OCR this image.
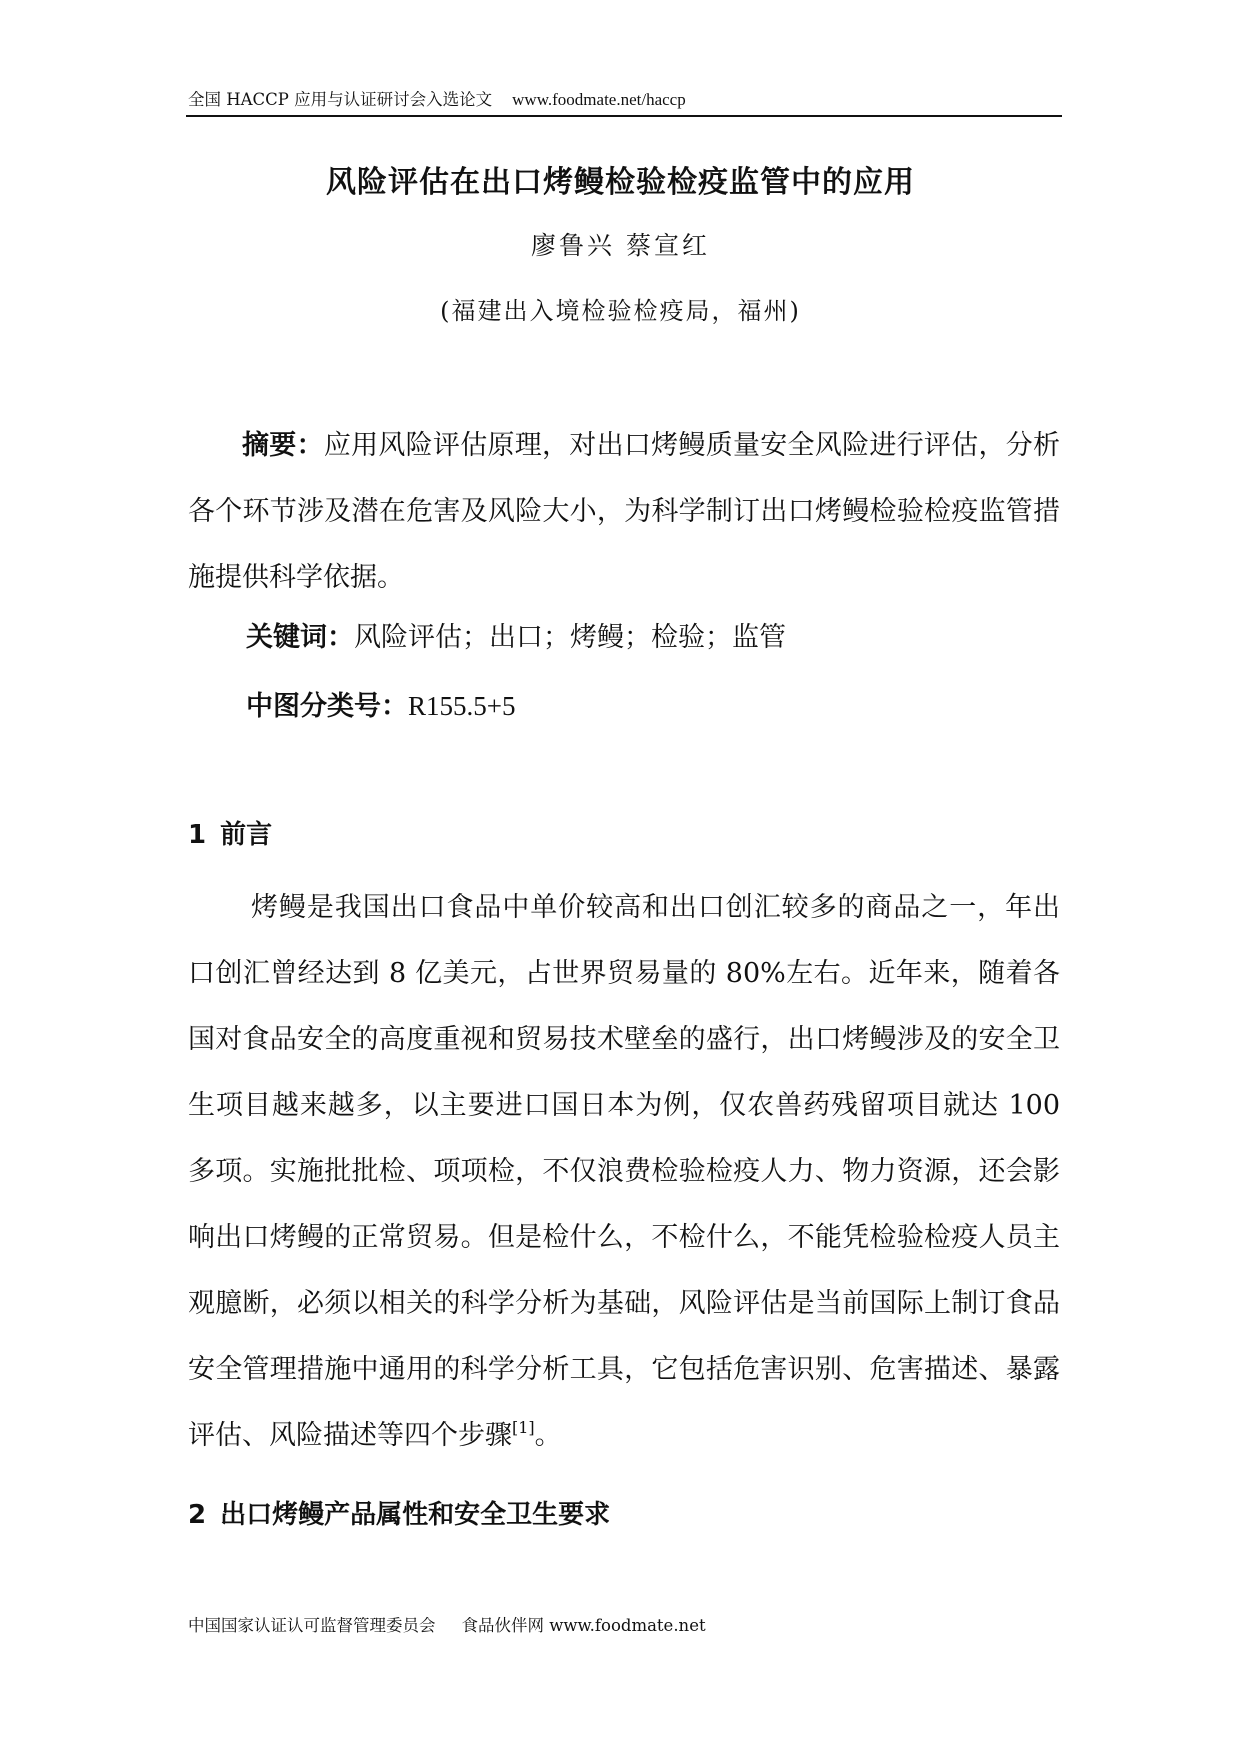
全国 HACCP 应用与认证研讨会入选论文 www.foodmate.net/haccp
风险评估在出口烤鳗检验检疫监管中的应用
廖鲁兴 蔡宣红
(福建出入境检验检疫局，福州)
摘要：应用风险评估原理，对出口烤鳗质量安全风险进行评估，分析各个环节涉及潜在危害及风险大小，为科学制订出口烤鳗检验检疫监管措施提供科学依据。
关键词：风险评估；出口；烤鳗；检验；监管
中图分类号：R155.5+5
1 前言
烤鳗是我国出口食品中单价较高和出口创汇较多的商品之一，年出口创汇曾经达到 8 亿美元，占世界贸易量的 80%左右。近年来，随着各国对食品安全的高度重视和贸易技术壁垒的盛行，出口烤鳗涉及的安全卫生项目越来越多，以主要进口国日本为例，仅农兽药残留项目就达 100 多项。实施批批检、项项检，不仅浪费检验检疫人力、物力资源，还会影响出口烤鳗的正常贸易。但是检什么，不检什么，不能凭检验检疫人员主观臆断，必须以相关的科学分析为基础，风险评估是当前国际上制订食品安全管理措施中通用的科学分析工具，它包括危害识别、危害描述、暴露评估、风险描述等四个步骤[1]。
2 出口烤鳗产品属性和安全卫生要求
中国国家认证认可监督管理委员会 食品伙伴网 www.foodmate.net
